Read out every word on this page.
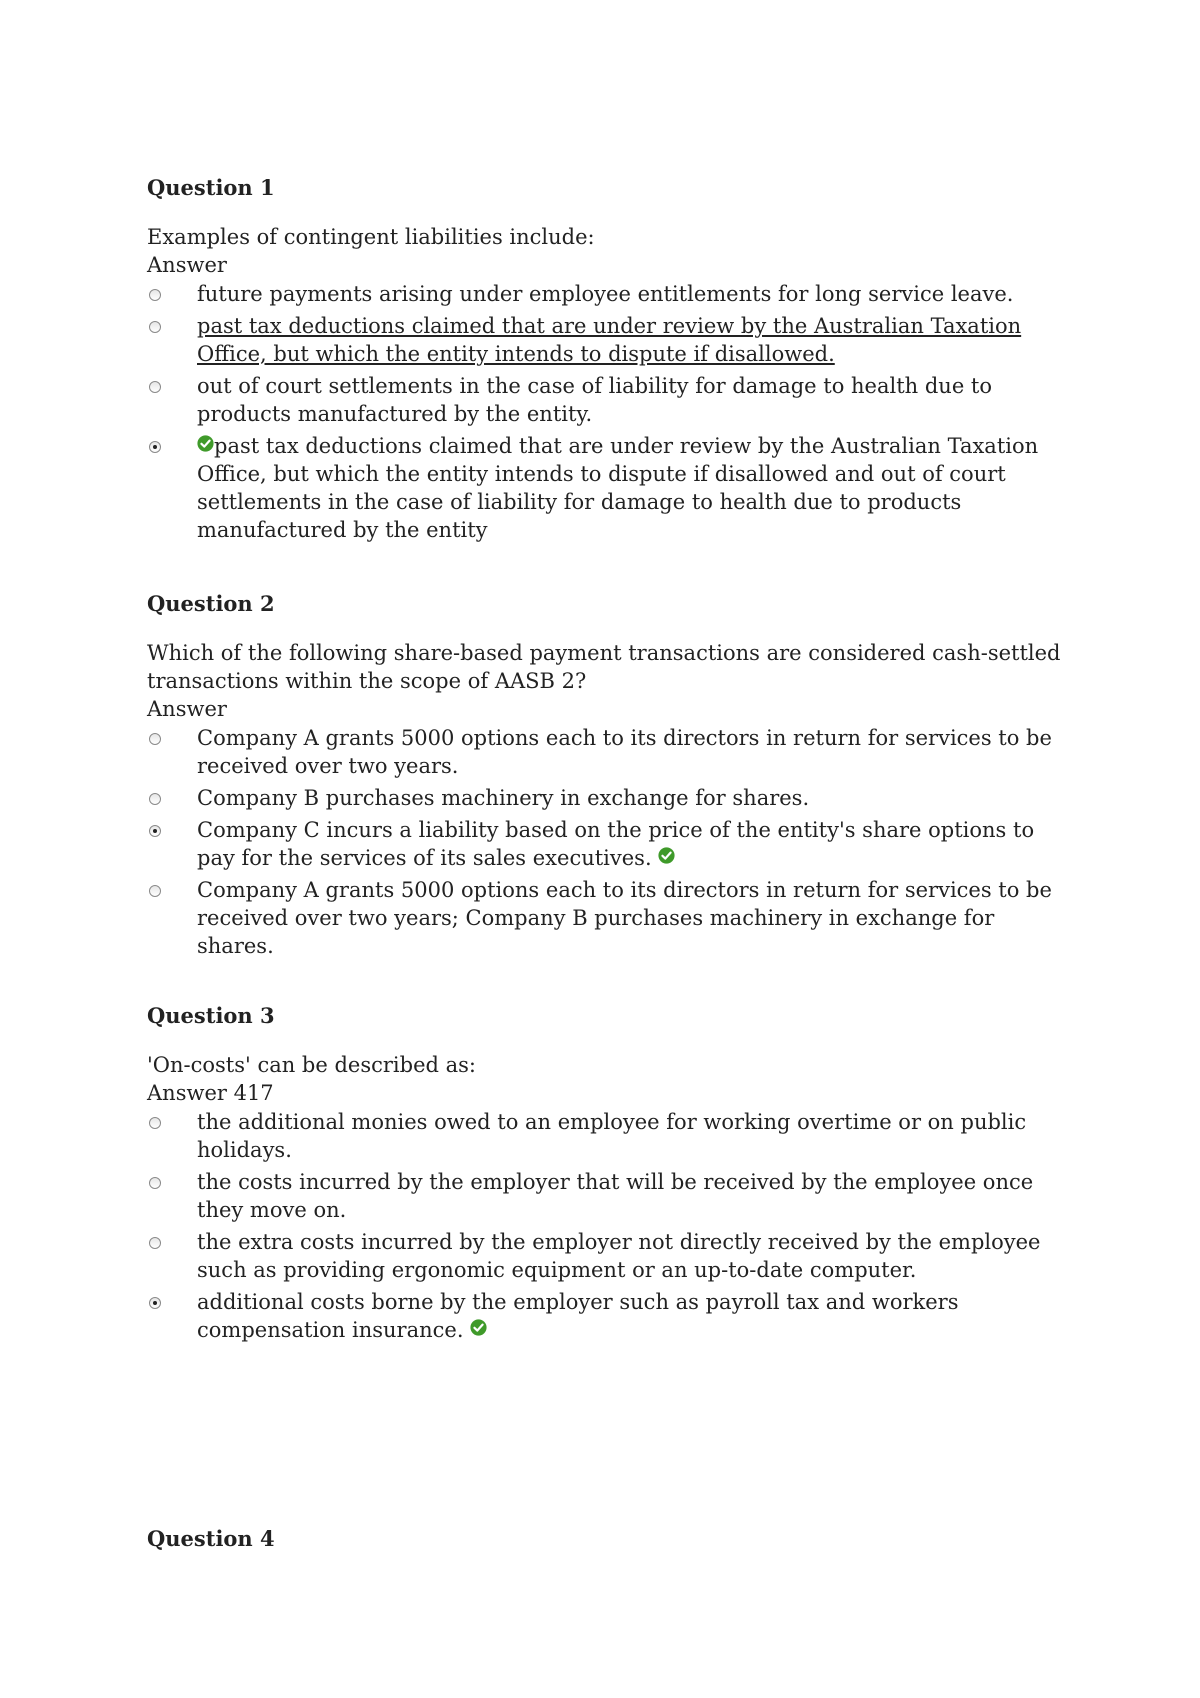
Question 1

Examples of contingent liabilities include:

Answer

future payments arising under employee entitlements for long service leave.
past tax deductions claimed that are under review by the Australian Taxation Office, but which the entity intends to dispute if disallowed.
out of court settlements in the case of liability for damage to health due to products manufactured by the entity.
past tax deductions claimed that are under review by the Australian Taxation Office, but which the entity intends to dispute if disallowed and out of court settlements in the case of liability for damage to health due to products manufactured by the entity
Question 2

Which of the following share-based payment transactions are considered cash-settled transactions within the scope of AASB 2?

Answer

Company A grants 5000 options each to its directors in return for services to be received over two years.
Company B purchases machinery in exchange for shares.
Company C incurs a liability based on the price of the entity's share options to pay for the services of its sales executives.
Company A grants 5000 options each to its directors in return for services to be received over two years; Company B purchases machinery in exchange for shares.
Question 3

'On-costs' can be described as:

Answer 417

the additional monies owed to an employee for working overtime or on public holidays.
the costs incurred by the employer that will be received by the employee once they move on.
the extra costs incurred by the employer not directly received by the employee such as providing ergonomic equipment or an up-to-date computer.
additional costs borne by the employer such as payroll tax and workers compensation insurance.
Question 4
